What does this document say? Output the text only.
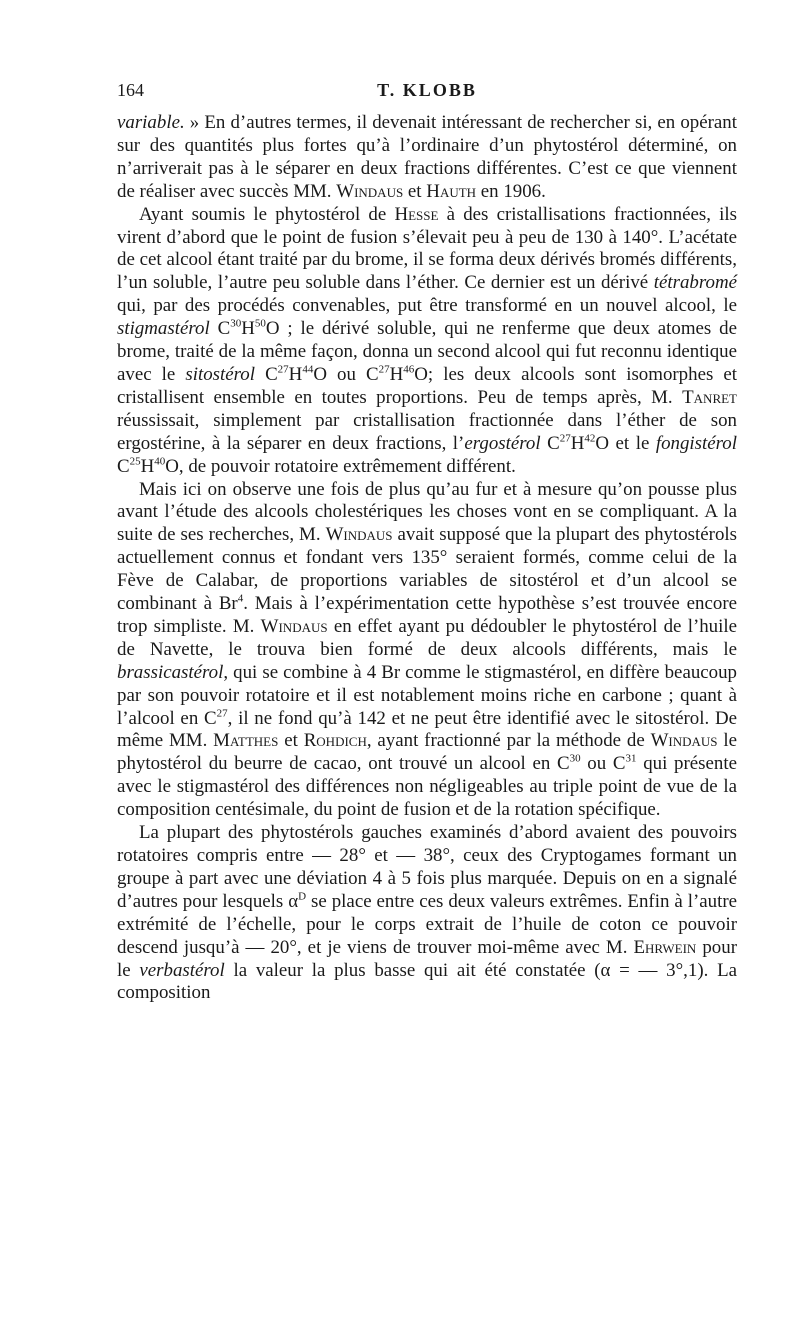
164	T. KLOBB

variable. » En d’autres termes, il devenait intéressant de rechercher si, en opérant sur des quantités plus fortes qu’à l’ordinaire d’un phytostérol déterminé, on n’arriverait pas à le séparer en deux fractions différentes. C’est ce que viennent de réaliser avec succès MM. Windaus et Hauth en 1906.

Ayant soumis le phytostérol de Hesse à des cristallisations fractionnées, ils virent d’abord que le point de fusion s’élevait peu à peu de 130 à 140°. L’acétate de cet alcool étant traité par du brome, il se forma deux dérivés bromés différents, l’un soluble, l’autre peu soluble dans l’éther. Ce dernier est un dérivé tétrabromé qui, par des procédés convenables, put être transformé en un nouvel alcool, le stigmastérol $C^{30}H^{50}O$ ; le dérivé soluble, qui ne renferme que deux atomes de brome, traité de la même façon, donna un second alcool qui fut reconnu identique avec le sitostérol $C^{27}H^{44}O$ ou $C^{27}H^{46}O$; les deux alcools sont isomorphes et cristallisent ensemble en toutes proportions. Peu de temps après, M. Tanret réussissait, simplement par cristallisation fractionnée dans l’éther de son ergostérine, à la séparer en deux fractions, l’ergostérol $C^{27}H^{42}O$ et le fongistérol $C^{25}H^{40}O$, de pouvoir rotatoire extrêmement différent.

Mais ici on observe une fois de plus qu’au fur et à mesure qu’on pousse plus avant l’étude des alcools cholestériques les choses vont en se compliquant. A la suite de ses recherches, M. Windaus avait supposé que la plupart des phytostérols actuellement connus et fondant vers 135° seraient formés, comme celui de la Fève de Calabar, de proportions variables de sitostérol et d’un alcool se combinant à Br$^4$. Mais à l’expérimentation cette hypothèse s’est trouvée encore trop simpliste. M. Windaus en effet ayant pu dédoubler le phytostérol de l’huile de Navette, le trouva bien formé de deux alcools différents, mais le brassicastérol, qui se combine à 4 Br comme le stigmastérol, en diffère beaucoup par son pouvoir rotatoire et il est notablement moins riche en carbone ; quant à l’alcool en $C^{27}$, il ne fond qu’à 142 et ne peut être identifié avec le sitostérol. De même MM. Matthes et Rohdich, ayant fractionné par la méthode de Windaus le phytostérol du beurre de cacao, ont trouvé un alcool en $C^{30}$ ou $C^{31}$ qui présente avec le stigmastérol des différences non négligeables au triple point de vue de la composition centésimale, du point de fusion et de la rotation spécifique.

La plupart des phytostérols gauches examinés d’abord avaient des pouvoirs rotatoires compris entre — 28° et — 38°, ceux des Cryptogames formant un groupe à part avec une déviation 4 à 5 fois plus marquée. Depuis on en a signalé d’autres pour lesquels $\alpha^D$ se place entre ces deux valeurs extrêmes. Enfin à l’autre extrémité de l’échelle, pour le corps extrait de l’huile de coton ce pouvoir descend jusqu’à — 20°, et je viens de trouver moi-même avec M. Ehrwein pour le verbastérol la valeur la plus basse qui ait été constatée (α = — 3°,1). La composition
